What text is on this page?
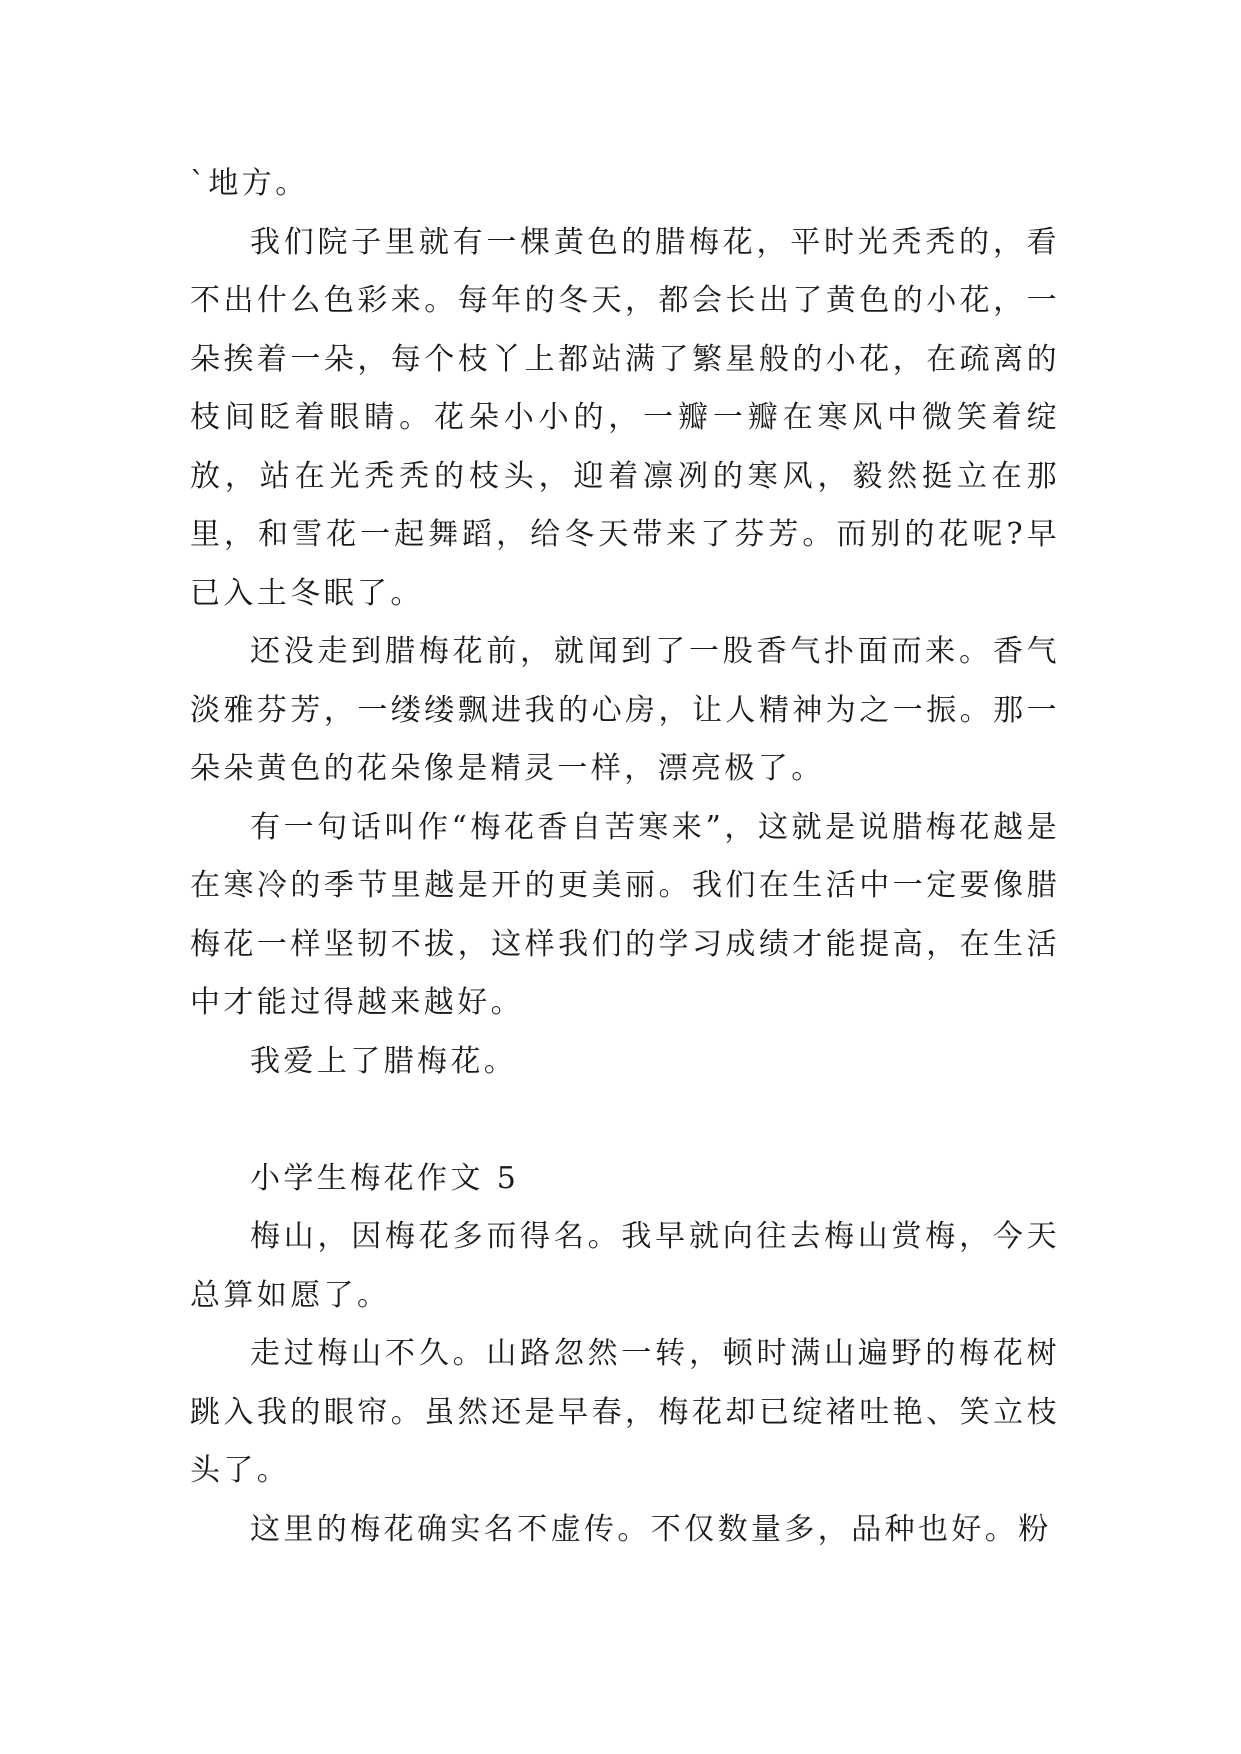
`地方。

我们院子里就有一棵黄色的腊梅花，平时光秃秃的，看不出什么色彩来。每年的冬天，都会长出了黄色的小花，一朵挨着一朵，每个枝丫上都站满了繁星般的小花，在疏离的枝间眨着眼睛。花朵小小的，一瓣一瓣在寒风中微笑着绽放，站在光秃秃的枝头，迎着凛冽的寒风，毅然挺立在那里，和雪花一起舞蹈，给冬天带来了芬芳。而别的花呢?早已入土冬眠了。

还没走到腊梅花前，就闻到了一股香气扑面而来。香气淡雅芬芳，一缕缕飘进我的心房，让人精神为之一振。那一朵朵黄色的花朵像是精灵一样，漂亮极了。

有一句话叫作“梅花香自苦寒来”，这就是说腊梅花越是在寒冷的季节里越是开的更美丽。我们在生活中一定要像腊梅花一样坚韧不拔，这样我们的学习成绩才能提高，在生活中才能过得越来越好。

我爱上了腊梅花。

小学生梅花作文 5

梅山，因梅花多而得名。我早就向往去梅山赏梅，今天总算如愿了。

走过梅山不久。山路忽然一转，顿时满山遍野的梅花树跳入我的眼帘。虽然还是早春，梅花却已绽褚吐艳、笑立枝头了。

这里的梅花确实名不虚传。不仅数量多，品种也好。粉
